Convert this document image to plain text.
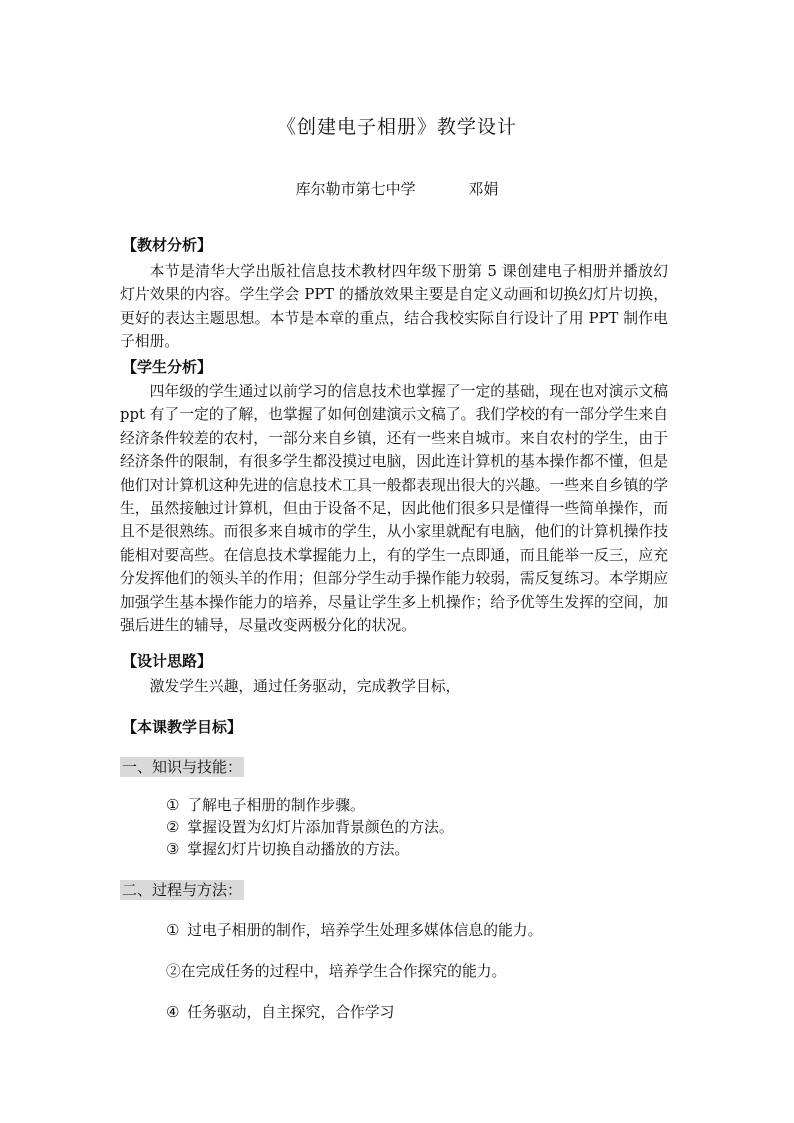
《创建电子相册》教学设计
库尔勒市第七中学	邓娟
【教材分析】
本节是清华大学出版社信息技术教材四年级下册第 5 课创建电子相册并播放幻灯片效果的内容。学生学会 PPT 的播放效果主要是自定义动画和切换幻灯片切换，更好的表达主题思想。本节是本章的重点，结合我校实际自行设计了用 PPT 制作电子相册。
【学生分析】
四年级的学生通过以前学习的信息技术也掌握了一定的基础，现在也对演示文稿 ppt 有了一定的了解，也掌握了如何创建演示文稿了。我们学校的有一部分学生来自经济条件较差的农村，一部分来自乡镇，还有一些来自城市。来自农村的学生，由于经济条件的限制，有很多学生都没摸过电脑，因此连计算机的基本操作都不懂，但是他们对计算机这种先进的信息技术工具一般都表现出很大的兴趣。一些来自乡镇的学生，虽然接触过计算机，但由于设备不足，因此他们很多只是懂得一些简单操作，而且不是很熟练。而很多来自城市的学生，从小家里就配有电脑，他们的计算机操作技能相对要高些。在信息技术掌握能力上，有的学生一点即通，而且能举一反三，应充分发挥他们的领头羊的作用；但部分学生动手操作能力较弱，需反复练习。本学期应加强学生基本操作能力的培养，尽量让学生多上机操作；给予优等生发挥的空间，加强后进生的辅导，尽量改变两极分化的状况。
【设计思路】
激发学生兴趣，通过任务驱动，完成教学目标，
【本课教学目标】
一、知识与技能：
① 了解电子相册的制作步骤。
② 掌握设置为幻灯片添加背景颜色的方法。
③ 掌握幻灯片切换自动播放的方法。
二、过程与方法：
① 过电子相册的制作，培养学生处理多媒体信息的能力。
②在完成任务的过程中，培养学生合作探究的能力。
④ 任务驱动，自主探究，合作学习
